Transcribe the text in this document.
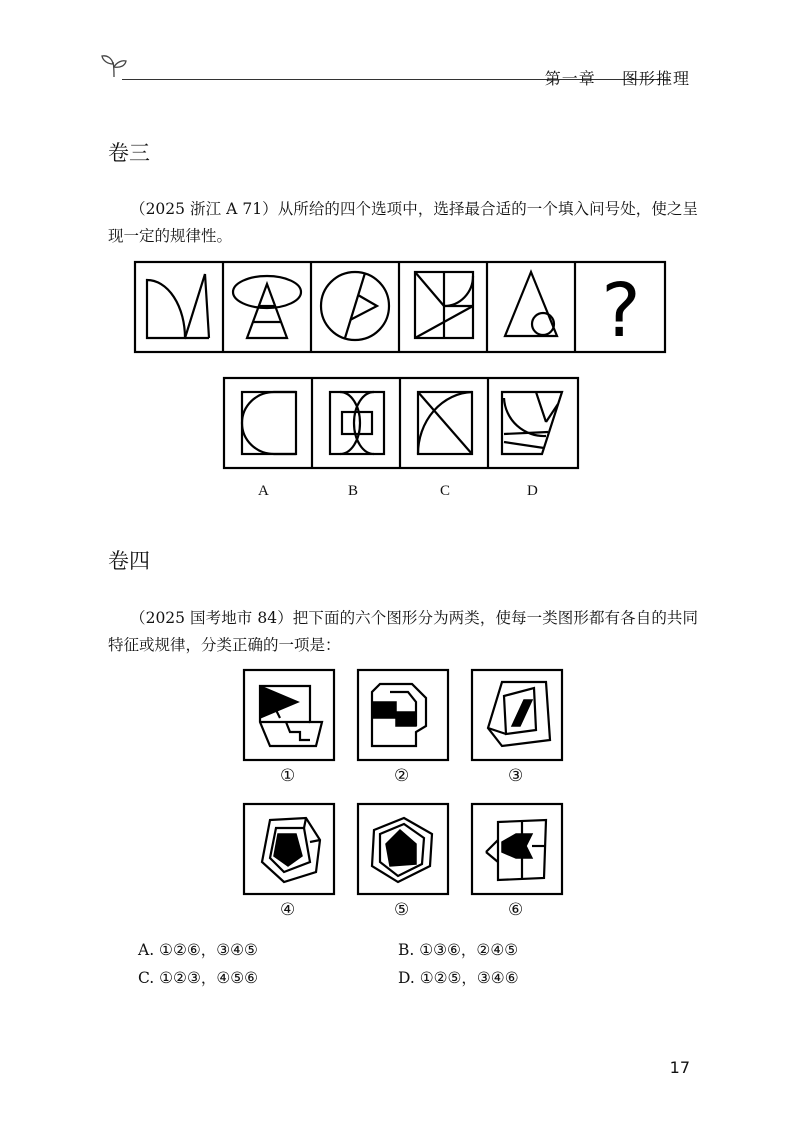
第一章 图形推理
卷三
（2025 浙江 A 71）从所给的四个选项中，选择最合适的一个填入问号处，使之呈现一定的规律性。
?
A	B	C	D
卷四
（2025 国考地市 84）把下面的六个图形分为两类，使每一类图形都有各自的共同特征或规律，分类正确的一项是：
①	②	③
④	⑤	⑥
A. ①②⑥，③④⑤	B. ①③⑥，②④⑤
C. ①②③，④⑤⑥	D. ①②⑤，③④⑥
17
